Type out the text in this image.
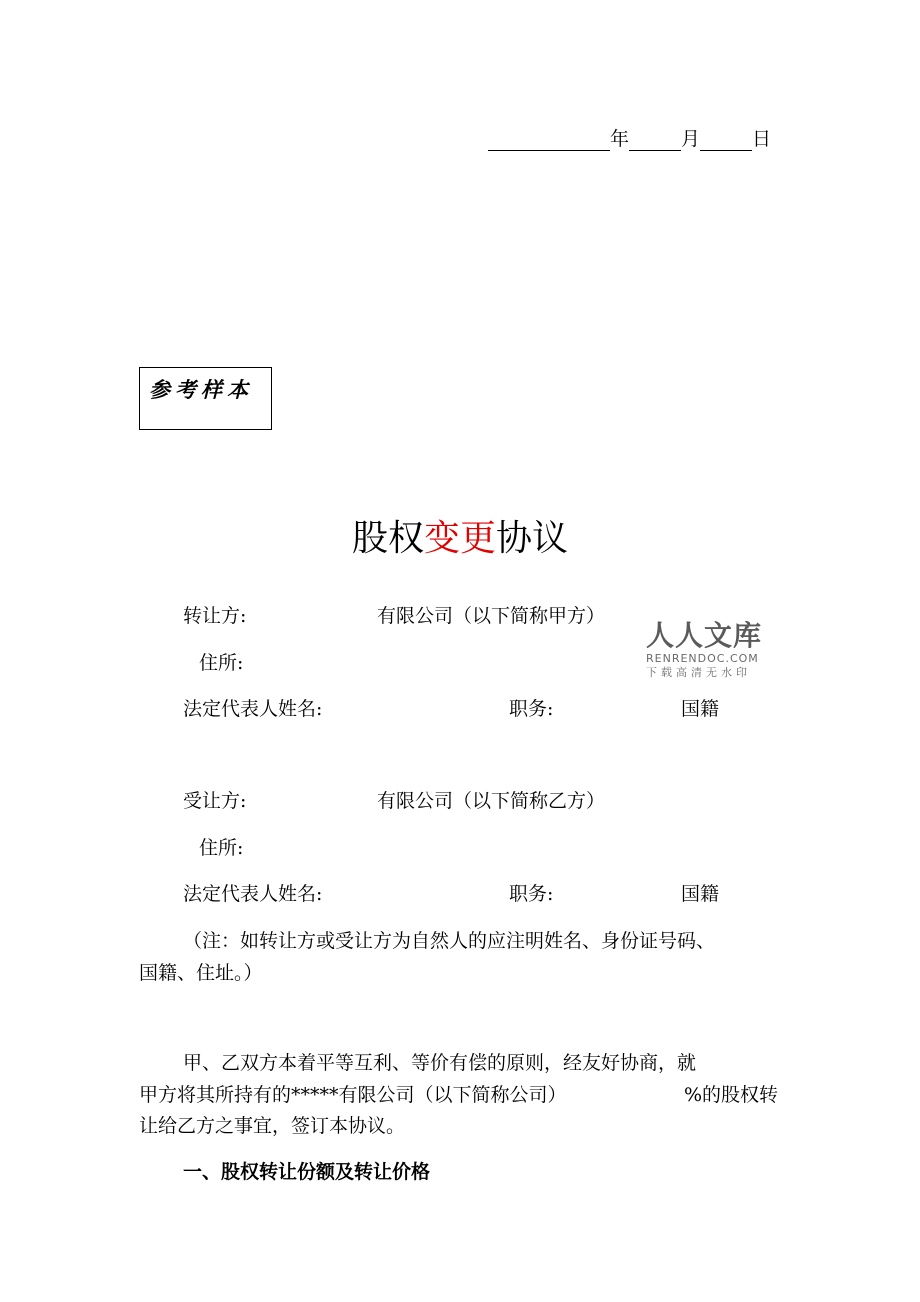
年	月	日
参考样本
股权变更协议
转让方:	有限公司（以下简称甲方）
住所:
法定代表人姓名:	职务:	国籍
人人文库
RENRENDOC.COM
下载高清无水印
受让方:	有限公司（以下简称乙方）
住所:
法定代表人姓名:	职务:	国籍
（注：如转让方或受让方为自然人的应注明姓名、身份证号码、
国籍、住址。）
甲、乙双方本着平等互利、等价有偿的原则，经友好协商，就
甲方将其所持有的*****有限公司（以下简称公司）	%的股权转
让给乙方之事宜，签订本协议。
一、股权转让份额及转让价格
